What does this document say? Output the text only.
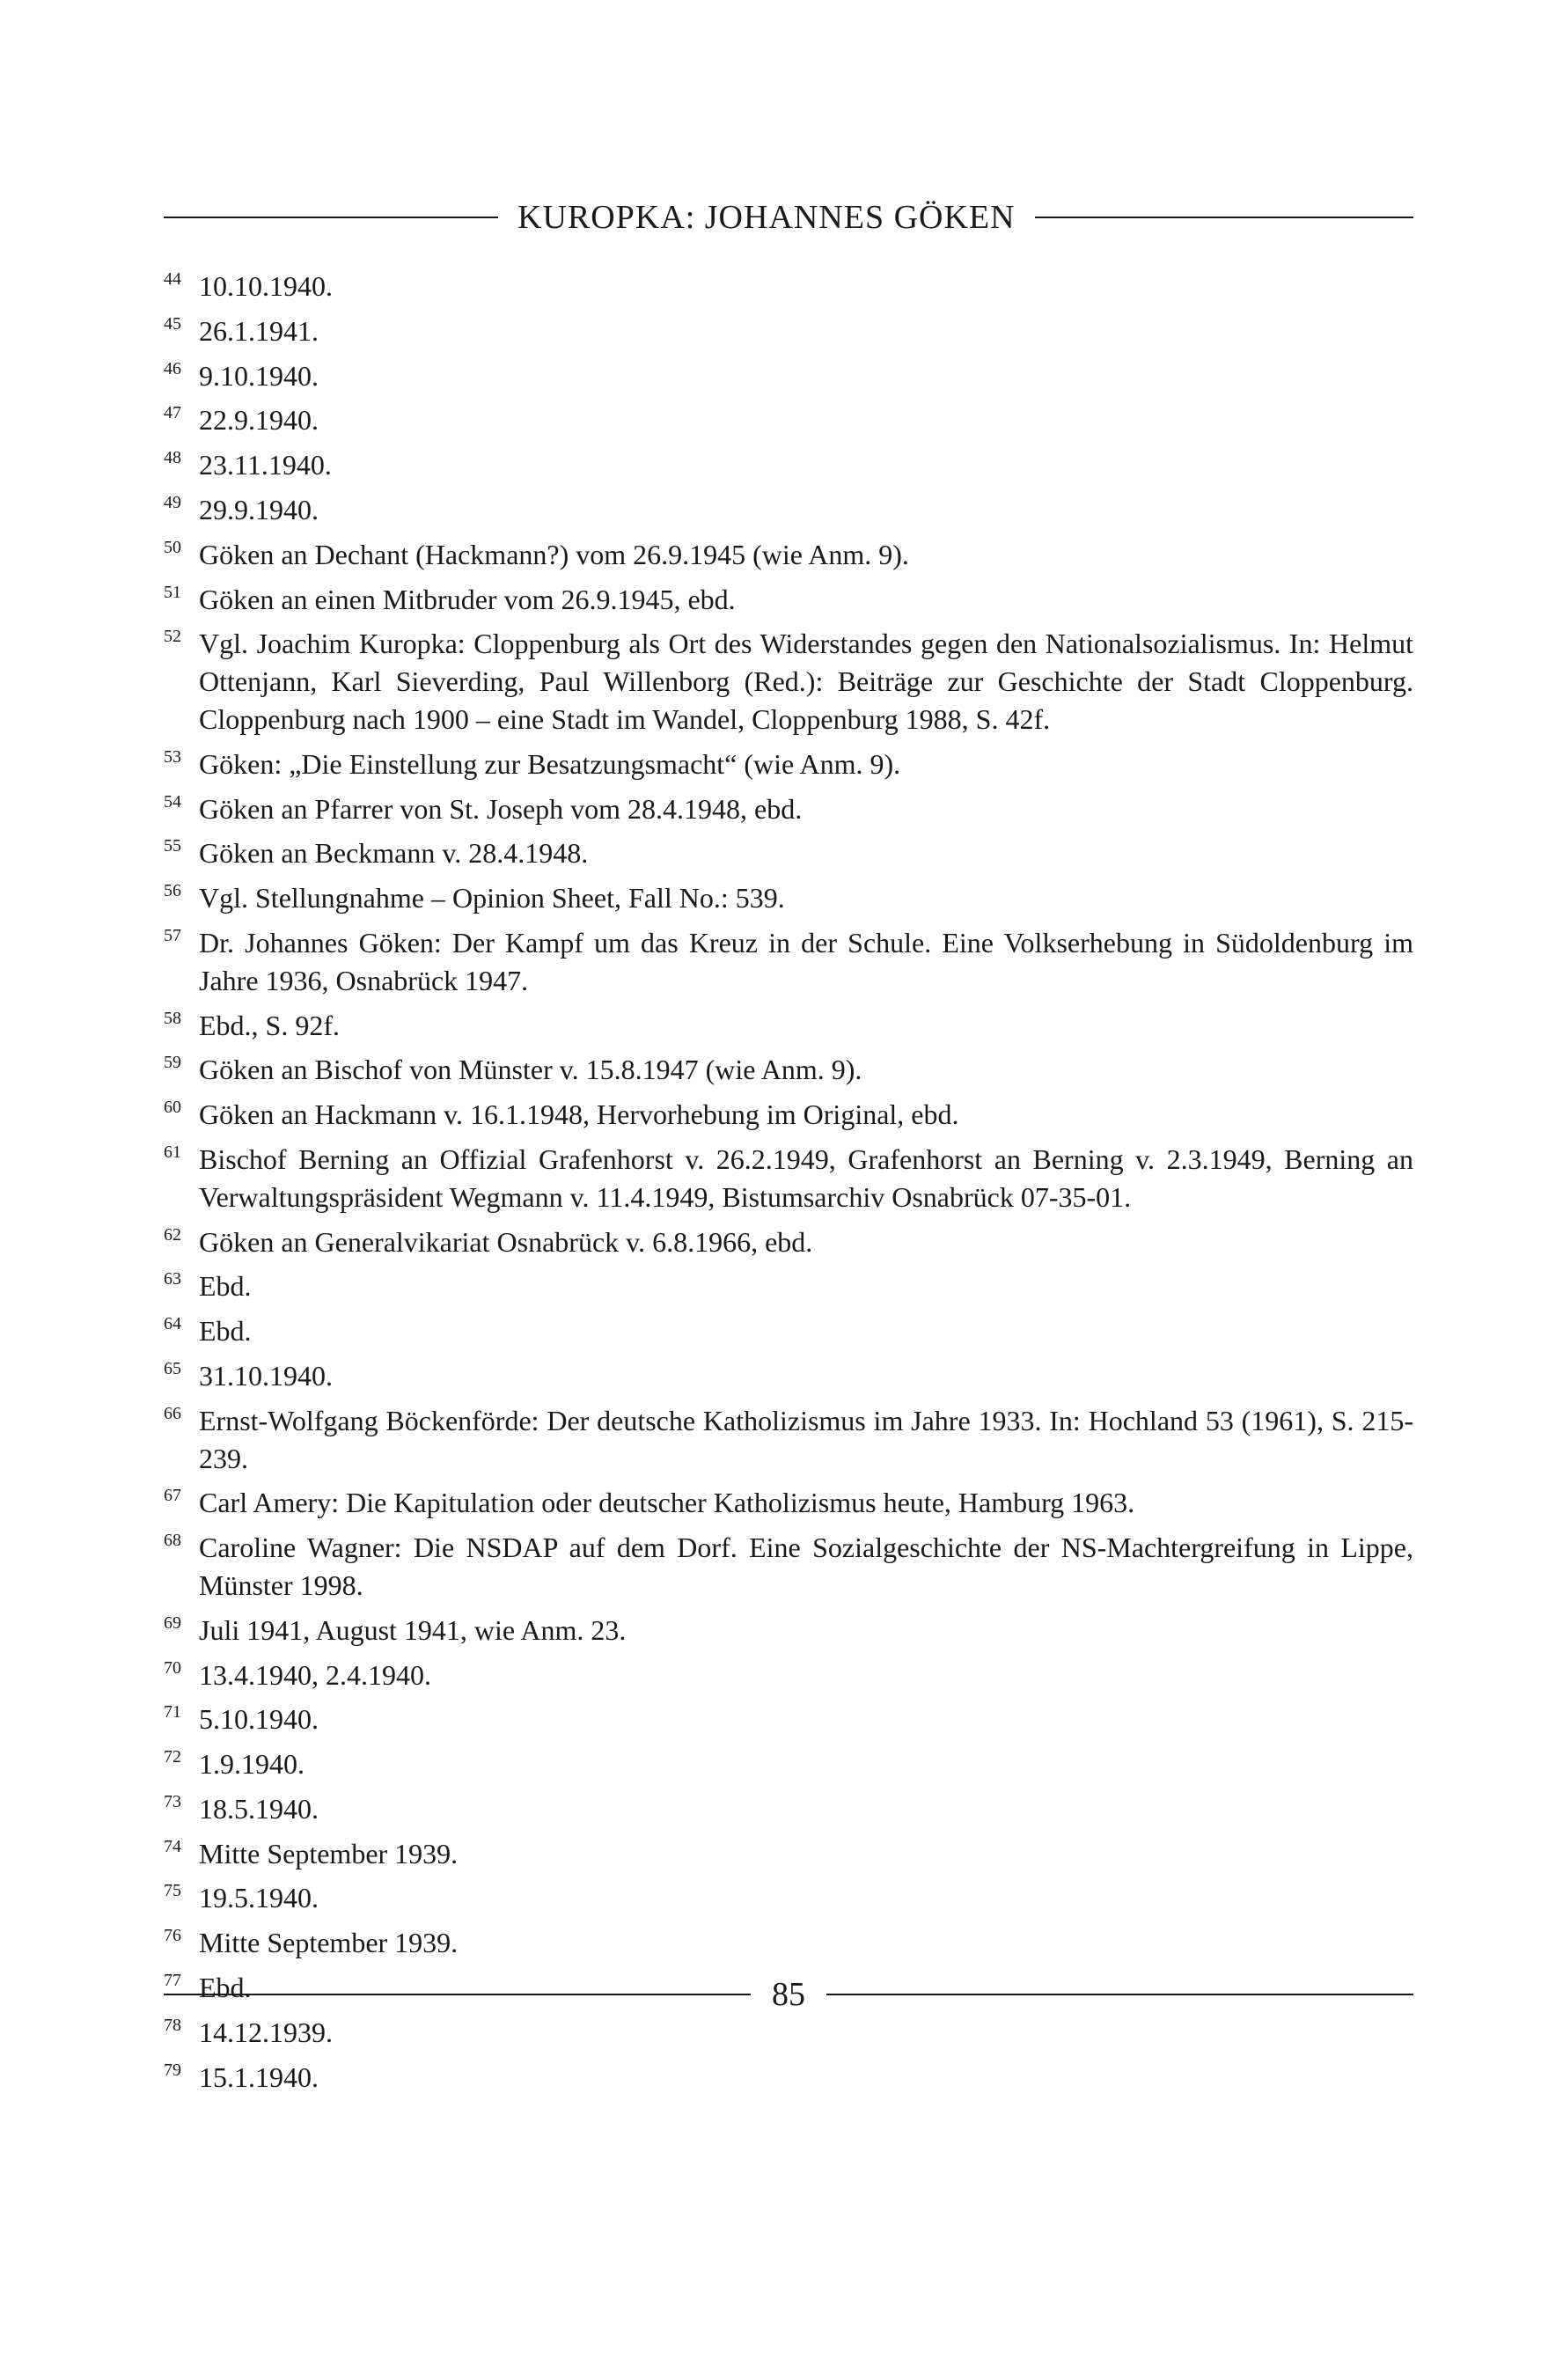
KUROPKA: JOHANNES GÖKEN
44 10.10.1940.
45 26.1.1941.
46 9.10.1940.
47 22.9.1940.
48 23.11.1940.
49 29.9.1940.
50 Göken an Dechant (Hackmann?) vom 26.9.1945 (wie Anm. 9).
51 Göken an einen Mitbruder vom 26.9.1945, ebd.
52 Vgl. Joachim Kuropka: Cloppenburg als Ort des Widerstandes gegen den Nationalsozialismus. In: Helmut Ottenjann, Karl Sieverding, Paul Willenborg (Red.): Beiträge zur Geschichte der Stadt Cloppenburg. Cloppenburg nach 1900 – eine Stadt im Wandel, Cloppenburg 1988, S. 42f.
53 Göken: „Die Einstellung zur Besatzungsmacht“ (wie Anm. 9).
54 Göken an Pfarrer von St. Joseph vom 28.4.1948, ebd.
55 Göken an Beckmann v. 28.4.1948.
56 Vgl. Stellungnahme – Opinion Sheet, Fall No.: 539.
57 Dr. Johannes Göken: Der Kampf um das Kreuz in der Schule. Eine Volkserhebung in Südoldenburg im Jahre 1936, Osnabrück 1947.
58 Ebd., S. 92f.
59 Göken an Bischof von Münster v. 15.8.1947 (wie Anm. 9).
60 Göken an Hackmann v. 16.1.1948, Hervorhebung im Original, ebd.
61 Bischof Berning an Offizial Grafenhorst v. 26.2.1949, Grafenhorst an Berning v. 2.3.1949, Berning an Verwaltungspräsident Wegmann v. 11.4.1949, Bistumsarchiv Osnabrück 07-35-01.
62 Göken an Generalvikariat Osnabrück v. 6.8.1966, ebd.
63 Ebd.
64 Ebd.
65 31.10.1940.
66 Ernst-Wolfgang Böckenförde: Der deutsche Katholizismus im Jahre 1933. In: Hochland 53 (1961), S. 215-239.
67 Carl Amery: Die Kapitulation oder deutscher Katholizismus heute, Hamburg 1963.
68 Caroline Wagner: Die NSDAP auf dem Dorf. Eine Sozialgeschichte der NS-Machtergreifung in Lippe, Münster 1998.
69 Juli 1941, August 1941, wie Anm. 23.
70 13.4.1940, 2.4.1940.
71 5.10.1940.
72 1.9.1940.
73 18.5.1940.
74 Mitte September 1939.
75 19.5.1940.
76 Mitte September 1939.
77 Ebd.
78 14.12.1939.
79 15.1.1940.
85
